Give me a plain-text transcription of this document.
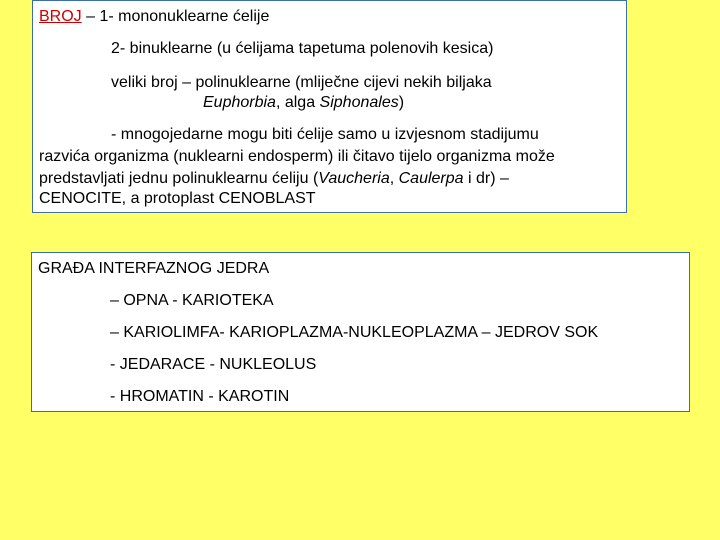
BROJ – 1- mononuklearne ćelije
2- binuklearne (u ćelijama tapetuma polenovih kesica)
veliki broj – polinuklearne (mliječne cijevi nekih biljaka
Euphorbia, alga Siphonales)
- mnogojedarne mogu biti ćelije samo u izvjesnom stadijumu
razvića organizma (nuklearni endosperm) ili čitavo tijelo organizma može
predstavljati jednu polinuklearnu ćeliju (Vaucheria, Caulerpa i dr) –
CENOCITE, a protoplast CENOBLAST
GRAĐA INTERFAZNOG JEDRA
– OPNA - KARIOTEKA
– KARIOLIMFA- KARIOPLAZMA-NUKLEOPLAZMA – JEDROV SOK
- JEDARACE - NUKLEOLUS
- HROMATIN - KAROTIN
